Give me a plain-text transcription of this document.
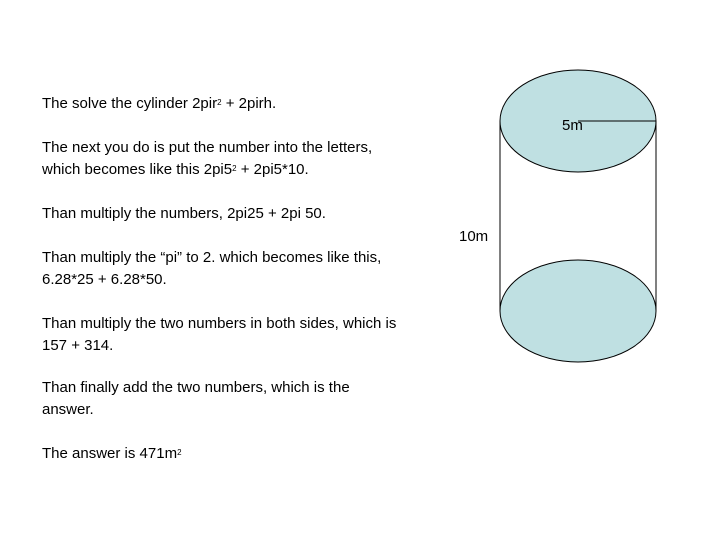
The solve the cylinder 2pir$^2$ + 2pirh.
The next you do is put the number into the letters,
which becomes like this $2pi5^2 + 2pi5*10$.
Than multiply the numbers, 2pi25 + 2pi 50.
Than multiply the “pi” to 2. which becomes like this,
6.28*25 + 6.28*50.
Than multiply the two numbers in both sides, which is
157 + 314.
Than finally add the two numbers, which is the
answer.
The answer is $471m^2$
5m
10m
